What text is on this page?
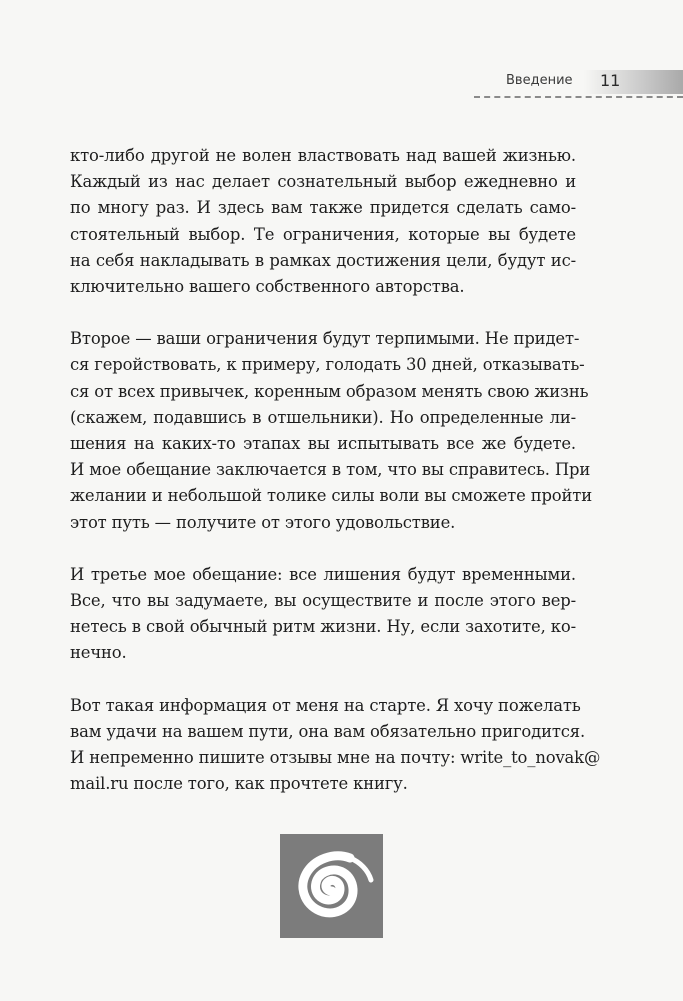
Введение 11
кто-либо другой не волен властвовать над вашей жизнью.
Каждый из нас делает сознательный выбор ежедневно и
по многу раз. И здесь вам также придется сделать само-
стоятельный выбор. Те ограничения, которые вы будете
на себя накладывать в рамках достижения цели, будут ис-
ключительно вашего собственного авторства.
Второе — ваши ограничения будут терпимыми. Не придет-
ся геройствовать, к примеру, голодать 30 дней, отказывать-
ся от всех привычек, коренным образом менять свою жизнь
(скажем, подавшись в отшельники). Но определенные ли-
шения на каких-то этапах вы испытывать все же будете.
И мое обещание заключается в том, что вы справитесь. При
желании и небольшой толике силы воли вы сможете пройти
этот путь — получите от этого удовольствие.
И третье мое обещание: все лишения будут временными.
Все, что вы задумаете, вы осуществите и после этого вер-
нетесь в свой обычный ритм жизни. Ну, если захотите, ко-
нечно.
Вот такая информация от меня на старте. Я хочу пожелать
вам удачи на вашем пути, она вам обязательно пригодится.
И непременно пишите отзывы мне на почту: write_to_novak@
mail.ru после того, как прочтете книгу.
